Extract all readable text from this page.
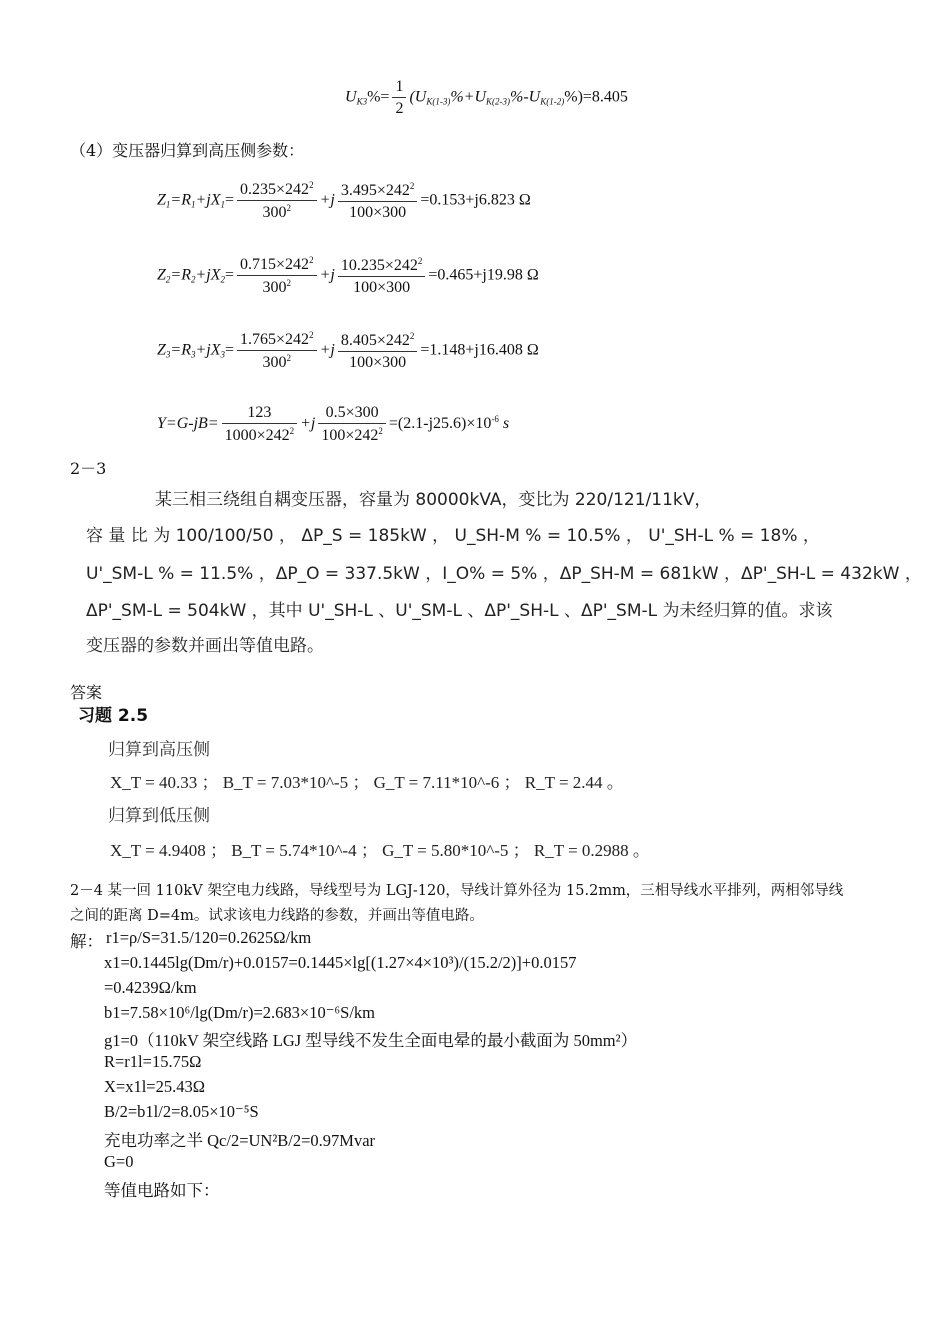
$U_{K3}\%= \frac{1}{2} (U_{K(1-3)}\%+U_{K(2-3)}\%-U_{K(1-2)}\%)=8.405$
（4）变压器归算到高压侧参数：
$Z_1=R_1+jX_1= \frac{0.235\times 242^2}{300^2} +j \frac{3.495\times 242^2}{100\times 300} =0.153+j6.823$ Ω
$Z_2=R_2+jX_2= \frac{0.715\times 242^2}{300^2} +j \frac{10.235\times 242^2}{100\times 300} =0.465+j19.98$ Ω
$Z_3=R_3+jX_3= \frac{1.765\times 242^2}{300^2} +j \frac{8.405\times 242^2}{100\times 300} =1.148+j16.408$ Ω
$Y=G-jB= \frac{123}{1000\times 242^2} +j \frac{0.5\times 300}{100\times 242^2} =(2.1-j25.6)\times 10^{-6}$ s
2－3
某三相三绕组自耦变压器，容量为 80000kVA，变比为 220/121/11kV，
容 量 比 为 100/100/50 ， ΔP_S = 185kW ， U_SH-M % = 10.5% ， U'_SH-L % = 18% ，
U'_SM-L % = 11.5% ，ΔP_O = 337.5kW ，I_O% = 5% ，ΔP_SH-M = 681kW ，ΔP'_SH-L = 432kW ，
ΔP'_SM-L = 504kW ，其中 U'_SH-L 、U'_SM-L 、ΔP'_SH-L 、ΔP'_SM-L 为未经归算的值。求该
变压器的参数并画出等值电路。
答案
习题 2.5
归算到高压侧
X_T = 40.33 ； B_T = 7.03*10^-5 ； G_T = 7.11*10^-6 ； R_T = 2.44 。
归算到低压侧
X_T = 4.9408 ； B_T = 5.74*10^-4 ； G_T = 5.80*10^-5 ； R_T = 0.2988 。
2－4 某一回 110kV 架空电力线路，导线型号为 LGJ-120，导线计算外径为 15.2mm，三相导线水平排列，两相邻导线
之间的距离 D=4m。试求该电力线路的参数，并画出等值电路。
解： r1=ρ/S=31.5/120=0.2625Ω/km
x1=0.1445lg(Dm/r)+0.0157=0.1445×lg[(1.27×4×10³)/(15.2/2)]+0.0157
=0.4239Ω/km
b1=7.58×10⁶/lg(Dm/r)=2.683×10⁻⁶S/km
g1=0（110kV 架空线路 LGJ 型导线不发生全面电晕的最小截面为 50mm²）
R=r1l=15.75Ω
X=x1l=25.43Ω
B/2=b1l/2=8.05×10⁻⁵S
充电功率之半 Qc/2=UN²B/2=0.97Mvar
G=0
等值电路如下：
